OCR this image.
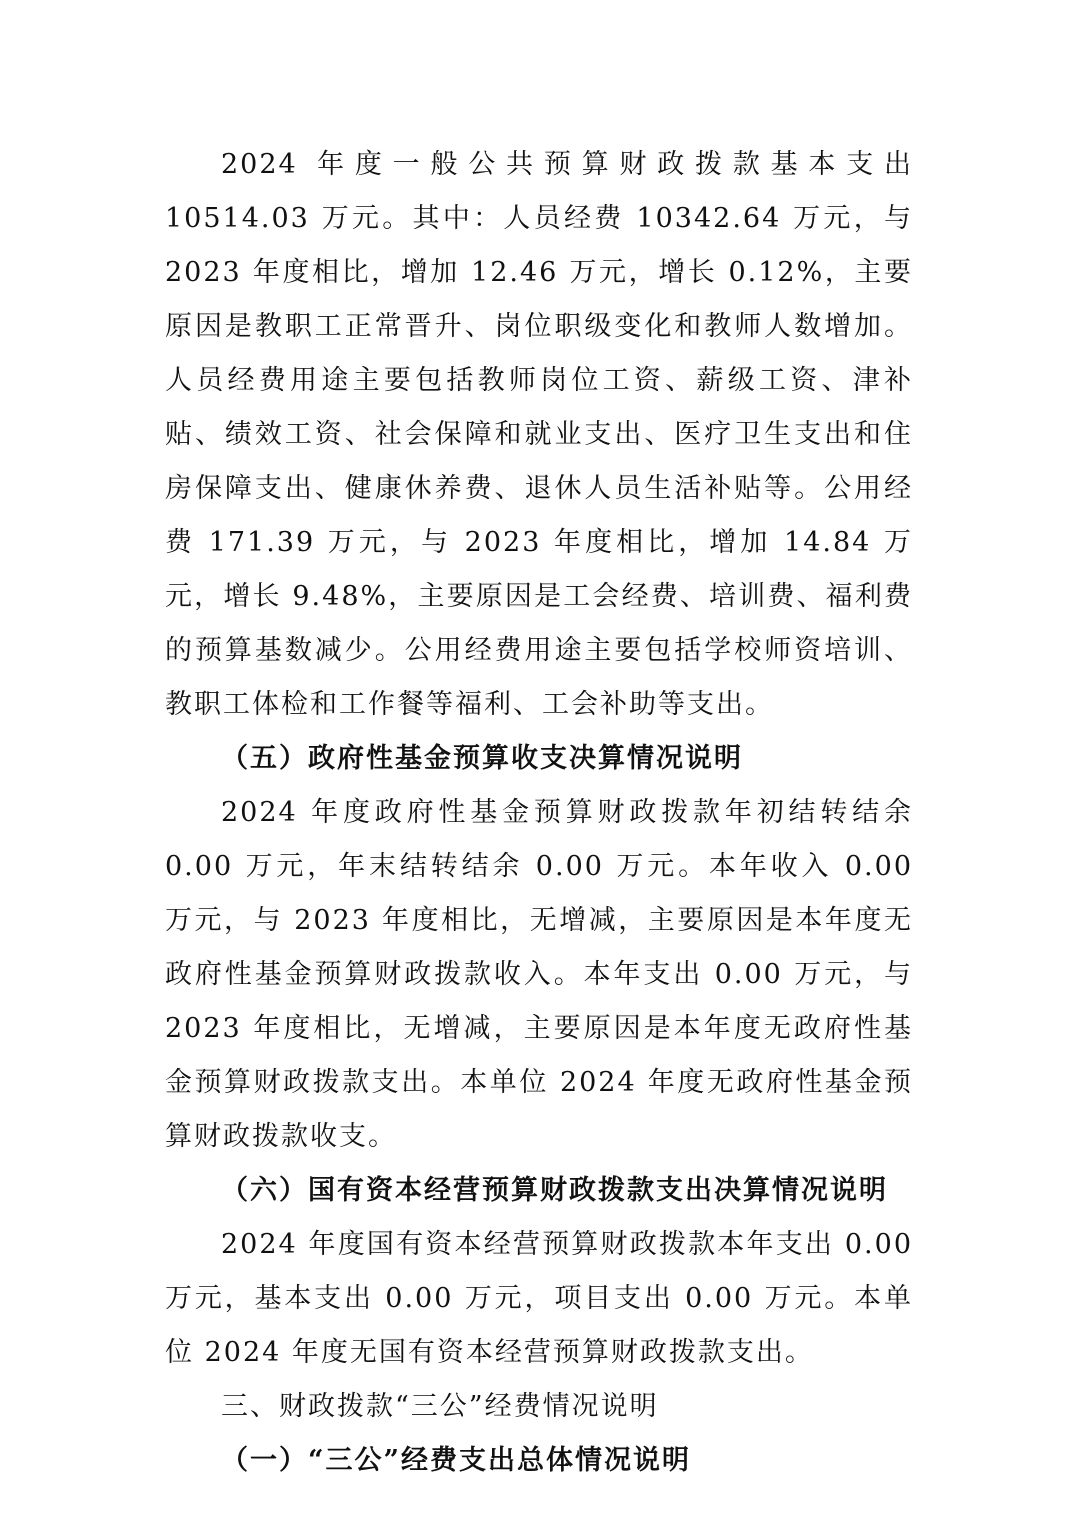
2024 年度一般公共预算财政拨款基本支出 10514.03 万元。其中：人员经费 10342.64 万元，与 2023 年度相比，增加 12.46 万元，增长 0.12%，主要原因是教职工正常晋升、岗位职级变化和教师人数增加。人员经费用途主要包括教师岗位工资、薪级工资、津补贴、绩效工资、社会保障和就业支出、医疗卫生支出和住房保障支出、健康休养费、退休人员生活补贴等。公用经费 171.39 万元，与 2023 年度相比，增加 14.84 万元，增长 9.48%，主要原因是工会经费、培训费、福利费的预算基数减少。公用经费用途主要包括学校师资培训、教职工体检和工作餐等福利、工会补助等支出。

（五）政府性基金预算收支决算情况说明

2024 年度政府性基金预算财政拨款年初结转结余 0.00 万元，年末结转结余 0.00 万元。本年收入 0.00 万元，与 2023 年度相比，无增减，主要原因是本年度无政府性基金预算财政拨款收入。本年支出 0.00 万元，与 2023 年度相比，无增减，主要原因是本年度无政府性基金预算财政拨款支出。本单位 2024 年度无政府性基金预算财政拨款收支。

（六）国有资本经营预算财政拨款支出决算情况说明

2024 年度国有资本经营预算财政拨款本年支出 0.00 万元，基本支出 0.00 万元，项目支出 0.00 万元。本单位 2024 年度无国有资本经营预算财政拨款支出。

三、财政拨款“三公”经费情况说明

（一）“三公”经费支出总体情况说明
